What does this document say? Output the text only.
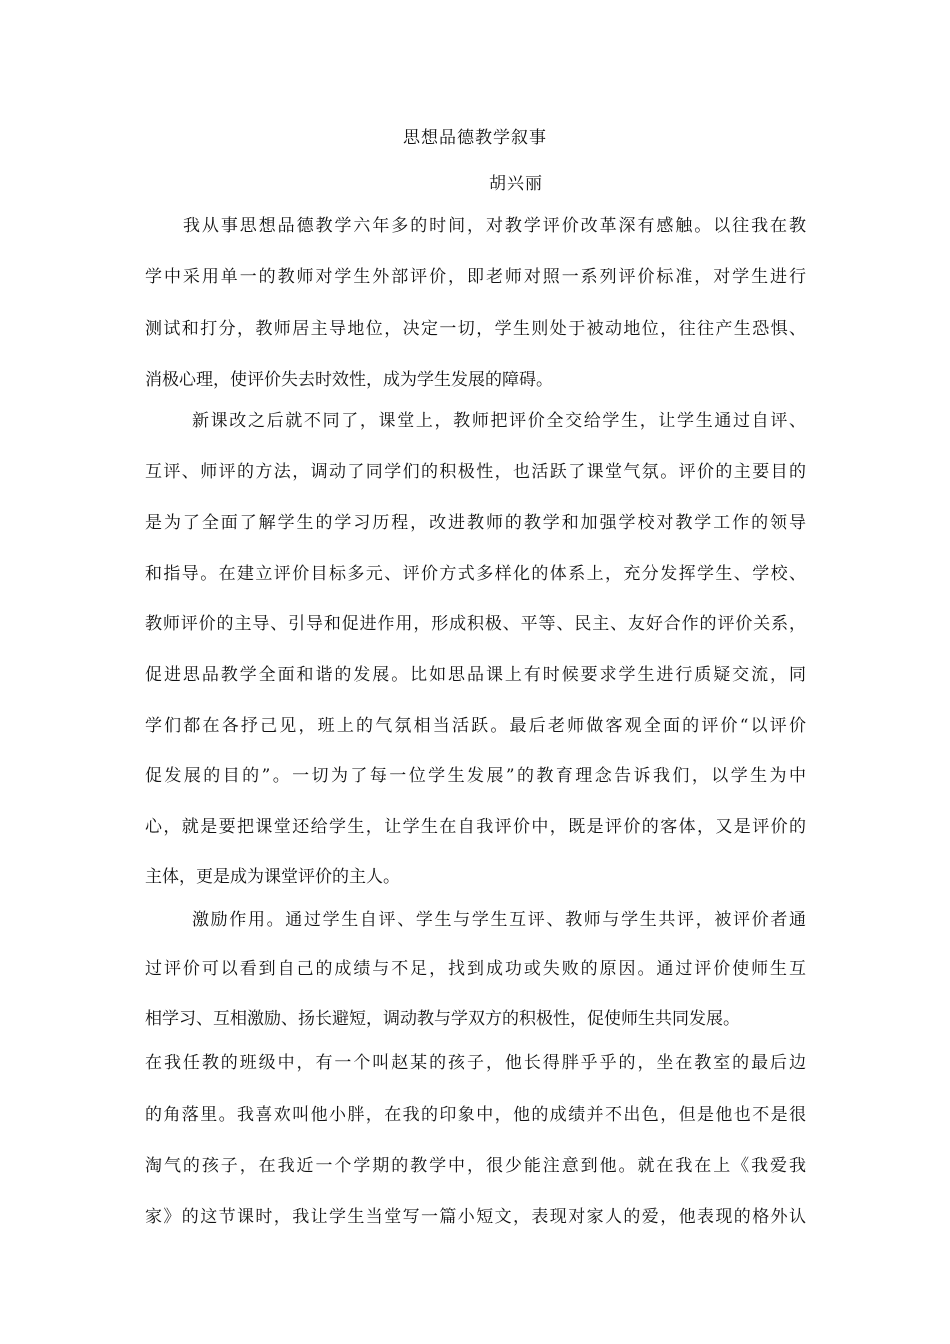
思想品德教学叙事
胡兴丽
我从事思想品德教学六年多的时间，对教学评价改革深有感触。以往我在教
学中采用单一的教师对学生外部评价，即老师对照一系列评价标准，对学生进行
测试和打分，教师居主导地位，决定一切，学生则处于被动地位，往往产生恐惧、
消极心理，使评价失去时效性，成为学生发展的障碍。
新课改之后就不同了，课堂上，教师把评价全交给学生，让学生通过自评、
互评、师评的方法，调动了同学们的积极性，也活跃了课堂气氛。评价的主要目的
是为了全面了解学生的学习历程，改进教师的教学和加强学校对教学工作的领导
和指导。在建立评价目标多元、评价方式多样化的体系上，充分发挥学生、学校、
教师评价的主导、引导和促进作用，形成积极、平等、民主、友好合作的评价关系，
促进思品教学全面和谐的发展。比如思品课上有时候要求学生进行质疑交流，同
学们都在各抒己见，班上的气氛相当活跃。最后老师做客观全面的评价“以评价
促发展的目的”。一切为了每一位学生发展”的教育理念告诉我们，以学生为中
心，就是要把课堂还给学生，让学生在自我评价中，既是评价的客体，又是评价的
主体，更是成为课堂评价的主人。
激励作用。通过学生自评、学生与学生互评、教师与学生共评，被评价者通
过评价可以看到自己的成绩与不足，找到成功或失败的原因。通过评价使师生互
相学习、互相激励、扬长避短，调动教与学双方的积极性，促使师生共同发展。
在我任教的班级中，有一个叫赵某的孩子，他长得胖乎乎的，坐在教室的最后边
的角落里。我喜欢叫他小胖，在我的印象中，他的成绩并不出色，但是他也不是很
淘气的孩子，在我近一个学期的教学中，很少能注意到他。就在我在上《我爱我
家》的这节课时，我让学生当堂写一篇小短文，表现对家人的爱，他表现的格外认
